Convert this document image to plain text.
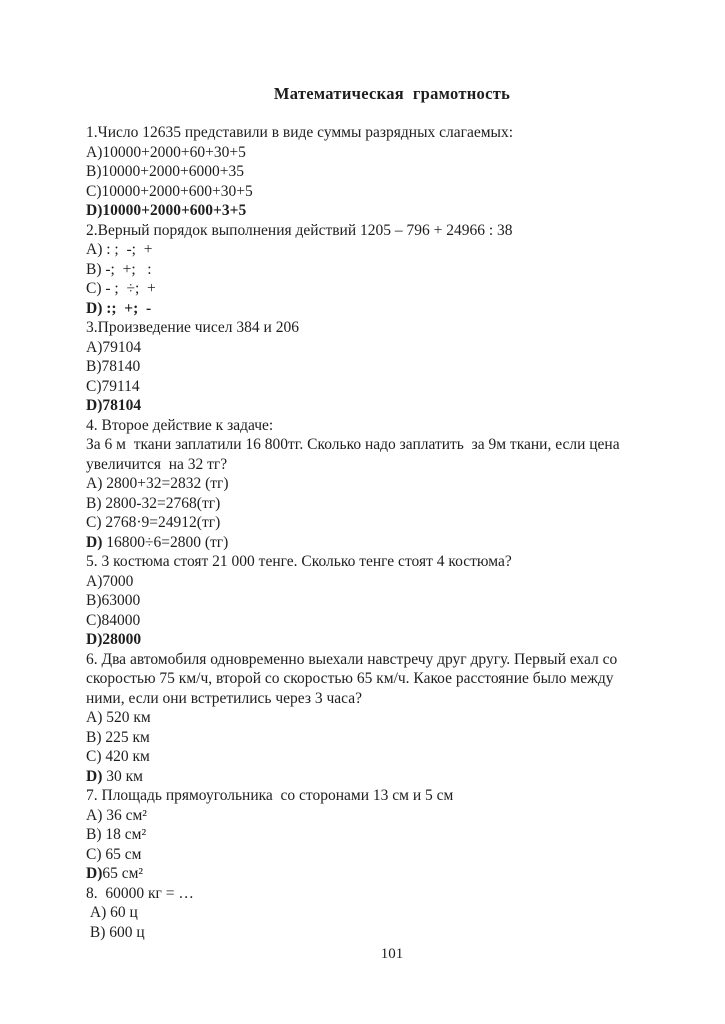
Математическая  грамотность
1.Число 12635 представили в виде суммы разрядных слагаемых:
A)10000+2000+60+30+5
B)10000+2000+6000+35
C)10000+2000+600+30+5
D)10000+2000+600+3+5
2.Верный порядок выполнения действий 1205 – 796 + 24966 : 38
A) : ;  -;  +
B) -;  +;   :
C) - ;  ÷;  +
D) :;  +;  -
3.Произведение чисел 384 и 206
A)79104
B)78140
C)79114
D)78104
4. Второе действие к задаче:
За 6 м  ткани заплатили 16 800тг. Сколько надо заплатить  за 9м ткани, если цена
увеличится  на 32 тг?
A) 2800+32=2832 (тг)
B) 2800-32=2768(тг)
C) 2768·9=24912(тг)
D) 16800÷6=2800 (тг)
5. 3 костюма стоят 21 000 тенге. Сколько тенге стоят 4 костюма?
A)7000
B)63000
C)84000
D)28000
6. Два автомобиля одновременно выехали навстречу друг другу. Первый ехал со
скоростью 75 км/ч, второй со скоростью 65 км/ч. Какое расстояние было между
ними, если они встретились через 3 часа?
A) 520 км
B) 225 км
C) 420 км
D) 30 км
7. Площадь прямоугольника  со сторонами 13 см и 5 см
A) 36 см²
B) 18 см²
C) 65 см
D)65 см²
8.  60000 кг = …
A) 60 ц
B) 600 ц
101
